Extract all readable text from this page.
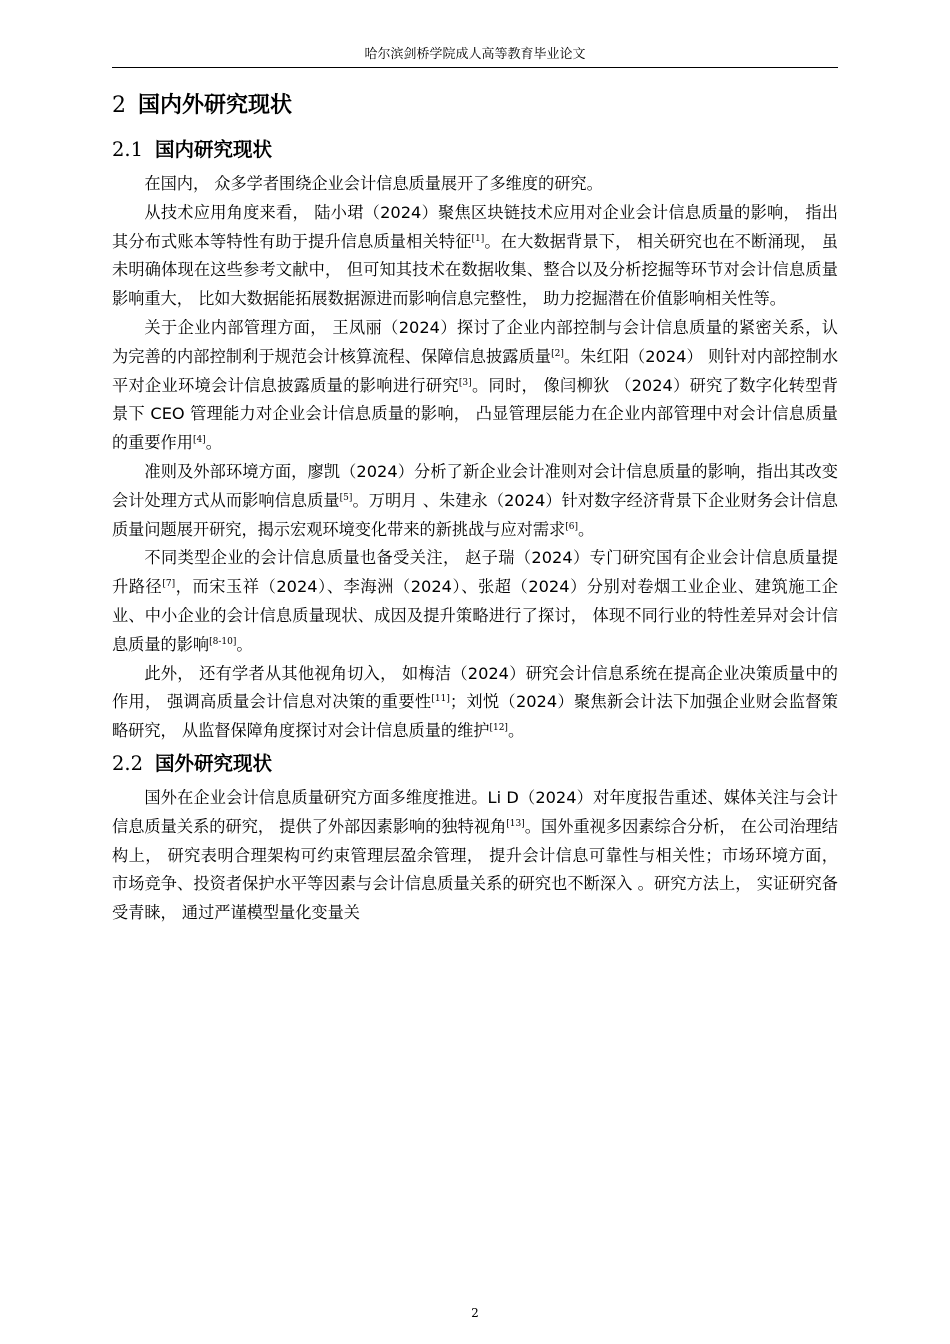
哈尔滨剑桥学院成人高等教育毕业论文
2 国内外研究现状
2.1 国内研究现状

在国内， 众多学者围绕企业会计信息质量展开了多维度的研究。

从技术应用角度来看， 陆小珺（2024）聚焦区块链技术应用对企业会计信息质量的影响， 指出其分布式账本等特性有助于提升信息质量相关特征[1]。在大数据背景下， 相关研究也在不断涌现， 虽未明确体现在这些参考文献中， 但可知其技术在数据收集、整合以及分析挖掘等环节对会计信息质量影响重大， 比如大数据能拓展数据源进而影响信息完整性， 助力挖掘潜在价值影响相关性等。

关于企业内部管理方面， 王凤丽（2024）探讨了企业内部控制与会计信息质量的紧密关系，认为完善的内部控制利于规范会计核算流程、保障信息披露质量[2]。朱红阳（2024） 则针对内部控制水平对企业环境会计信息披露质量的影响进行研究[3]。同时， 像闫柳狄 （2024）研究了数字化转型背景下 CEO 管理能力对企业会计信息质量的影响， 凸显管理层能力在企业内部管理中对会计信息质量的重要作用[4]。

准则及外部环境方面，廖凯（2024）分析了新企业会计准则对会计信息质量的影响，指出其改变会计处理方式从而影响信息质量[5]。万明月 、朱建永（2024）针对数字经济背景下企业财务会计信息质量问题展开研究，揭示宏观环境变化带来的新挑战与应对需求[6]。

不同类型企业的会计信息质量也备受关注， 赵子瑞（2024）专门研究国有企业会计信息质量提升路径[7]，而宋玉祥（2024）、李海洲（2024）、张超（2024）分别对卷烟工业企业、建筑施工企业、中小企业的会计信息质量现状、成因及提升策略进行了探讨， 体现不同行业的特性差异对会计信息质量的影响[8-10]。

此外， 还有学者从其他视角切入， 如梅洁（2024）研究会计信息系统在提高企业决策质量中的作用， 强调高质量会计信息对决策的重要性[11]；刘悦（2024）聚焦新会计法下加强企业财会监督策略研究， 从监督保障角度探讨对会计信息质量的维护[12]。

2.2 国外研究现状

国外在企业会计信息质量研究方面多维度推进。Li D（2024）对年度报告重述、媒体关注与会计信息质量关系的研究， 提供了外部因素影响的独特视角[13]。国外重视多因素综合分析， 在公司治理结构上， 研究表明合理架构可约束管理层盈余管理， 提升会计信息可靠性与相关性；市场环境方面， 市场竞争、投资者保护水平等因素与会计信息质量关系的研究也不断深入 。研究方法上， 实证研究备受青睐， 通过严谨模型量化变量关

2
